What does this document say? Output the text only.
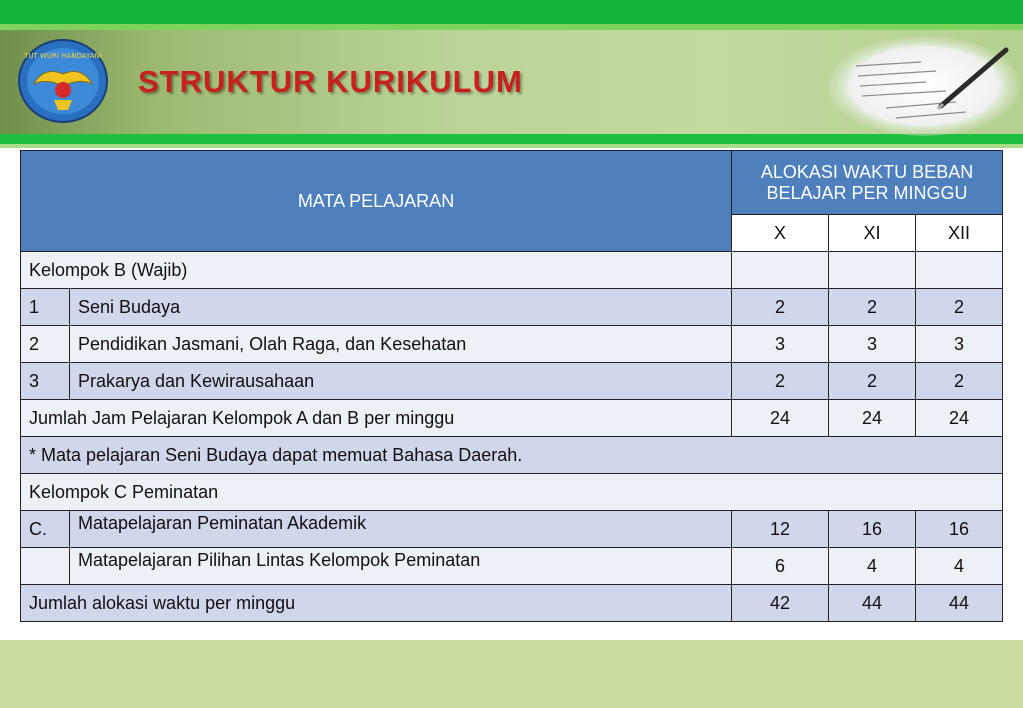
TUT WURI HANDAYANI
STRUKTUR KURIKULUM
MATA PELAJARAN		ALOKASI WAKTU BEBAN BELAJAR PER MINGGU		
		X	XI	XII
Kelompok B (Wajib)				
1	Seni Budaya	2	2	2
2	Pendidikan Jasmani, Olah Raga, dan Kesehatan	3	3	3
3	Prakarya dan Kewirausahaan	2	2	2
Jumlah Jam Pelajaran Kelompok A dan B per minggu		24	24	24
* Mata pelajaran Seni Budaya dapat memuat Bahasa Daerah.				
Kelompok C Peminatan				
C.	Matapelajaran Peminatan Akademik	12	16	16
	Matapelajaran Pilihan Lintas Kelompok Peminatan	6	4	4
Jumlah alokasi waktu per minggu		42	44	44
